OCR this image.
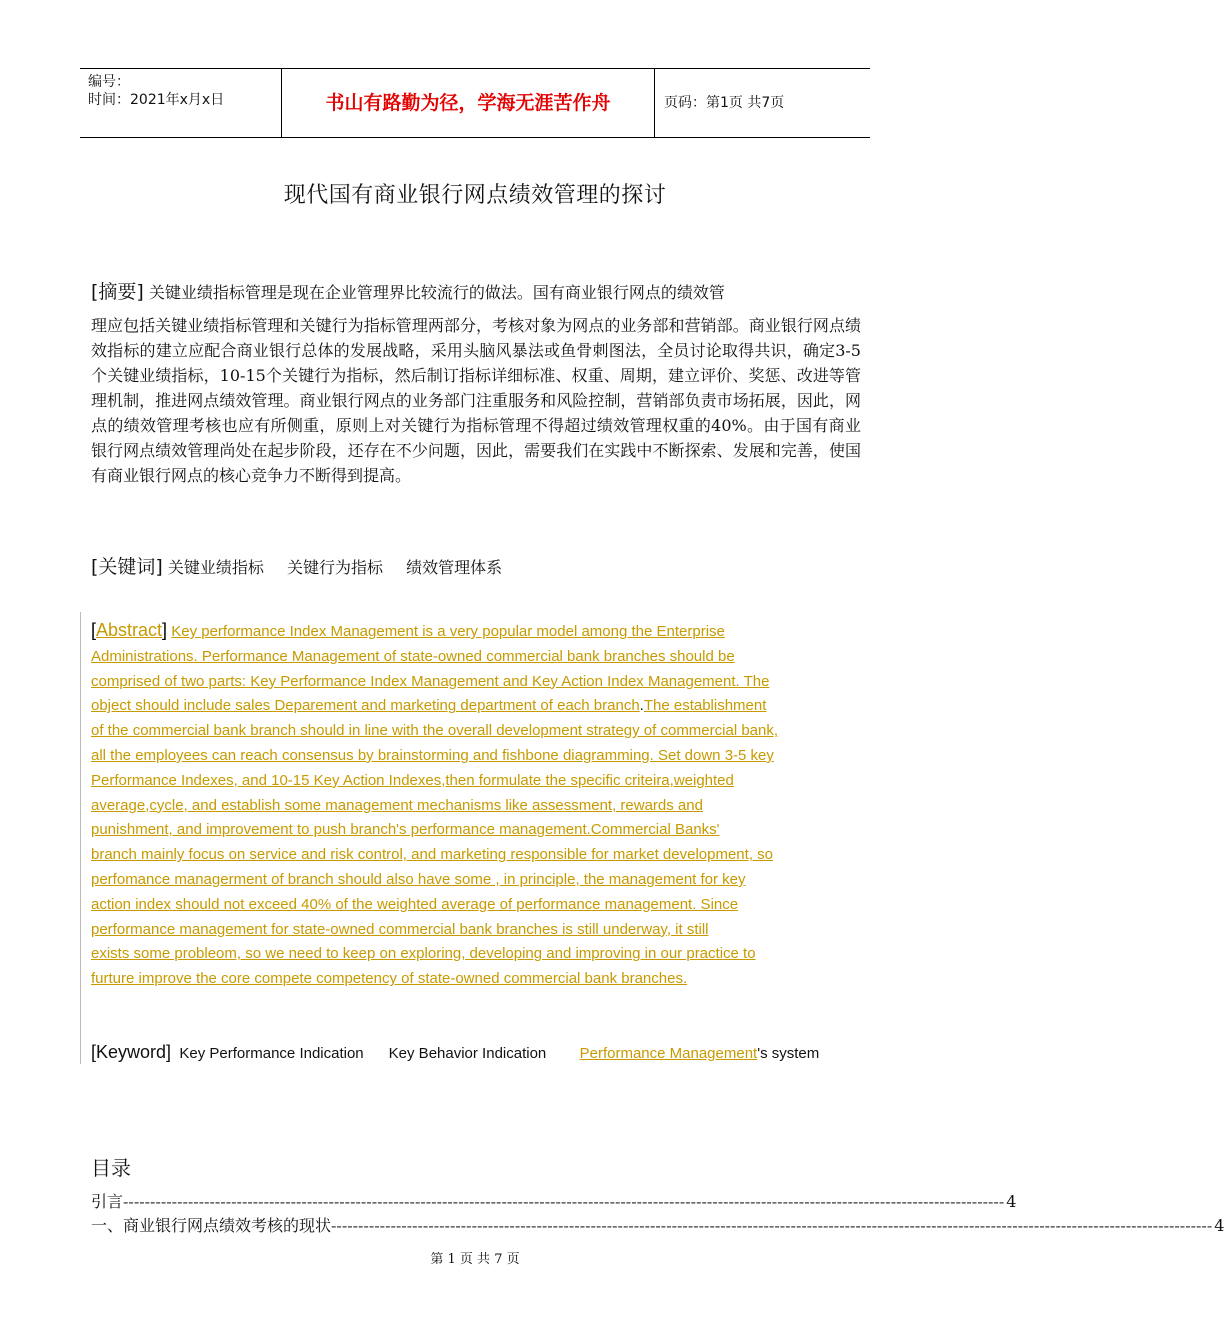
编号：
时间：2021年x月x日	书山有路勤为径，学海无涯苦作舟	页码：第1页 共7页
现代国有商业银行网点绩效管理的探讨

[摘要] 关键业绩指标管理是现在企业管理界比较流行的做法。国有商业银行网点的绩效管

理应包括关键业绩指标管理和关键行为指标管理两部分，考核对象为网点的业务部和营销部。商业银行网点绩效指标的建立应配合商业银行总体的发展战略，采用头脑风暴法或鱼骨刺图法，全员讨论取得共识，确定3-5个关键业绩指标，10-15个关键行为指标，然后制订指标详细标准、权重、周期，建立评价、奖惩、改进等管理机制，推进网点绩效管理。商业银行网点的业务部门注重服务和风险控制，营销部负责市场拓展，因此，网点的绩效管理考核也应有所侧重，原则上对关键行为指标管理不得超过绩效管理权重的40%。由于国有商业银行网点绩效管理尚处在起步阶段，还存在不少问题，因此，需要我们在实践中不断探索、发展和完善，使国有商业银行网点的核心竞争力不断得到提高。

[关键词] 关键业绩指标 关键行为指标 绩效管理体系
[Abstract] Key performance Index Management is a very popular model among the Enterprise
Administrations. Performance Management of state-owned commercial bank branches should be
comprised of two parts: Key Performance Index Management and Key Action Index Management. The
object should include sales Deparement and marketing department of each branch.The establishment
of the commercial bank branch should in line with the overall development strategy of commercial bank,
all the employees can reach consensus by brainstorming and fishbone diagramming. Set down 3-5 key
Performance Indexes, and 10-15 Key Action Indexes,then formulate the specific criteira,weighted
average,cycle, and establish some management mechanisms like assessment, rewards and
punishment, and improvement to push branch's performance management.Commercial Banks'
branch mainly focus on service and risk control, and marketing responsible for market development, so
perfomance managerment of branch should also have some , in principle, the management for key
action index should not exceed 40% of the weighted average of performance management. Since
performance management for state-owned commercial bank branches is still underway, it still
exists some probleom, so we need to keep on exploring, developing and improving in our practice to
furture improve the core compete competency of state-owned commercial bank branches.
[Keyword] Key Performance Indication Key Behavior Indication Performance Management's system
目录
引言 ------------------------------------------------------------------------------------------------------------------------------------------------------------------- 4
一、商业银行网点绩效考核的现状 ------------------------------------------------------------------------------------------------------------------------------------------------------------------- 4
第 1 页 共 7 页
